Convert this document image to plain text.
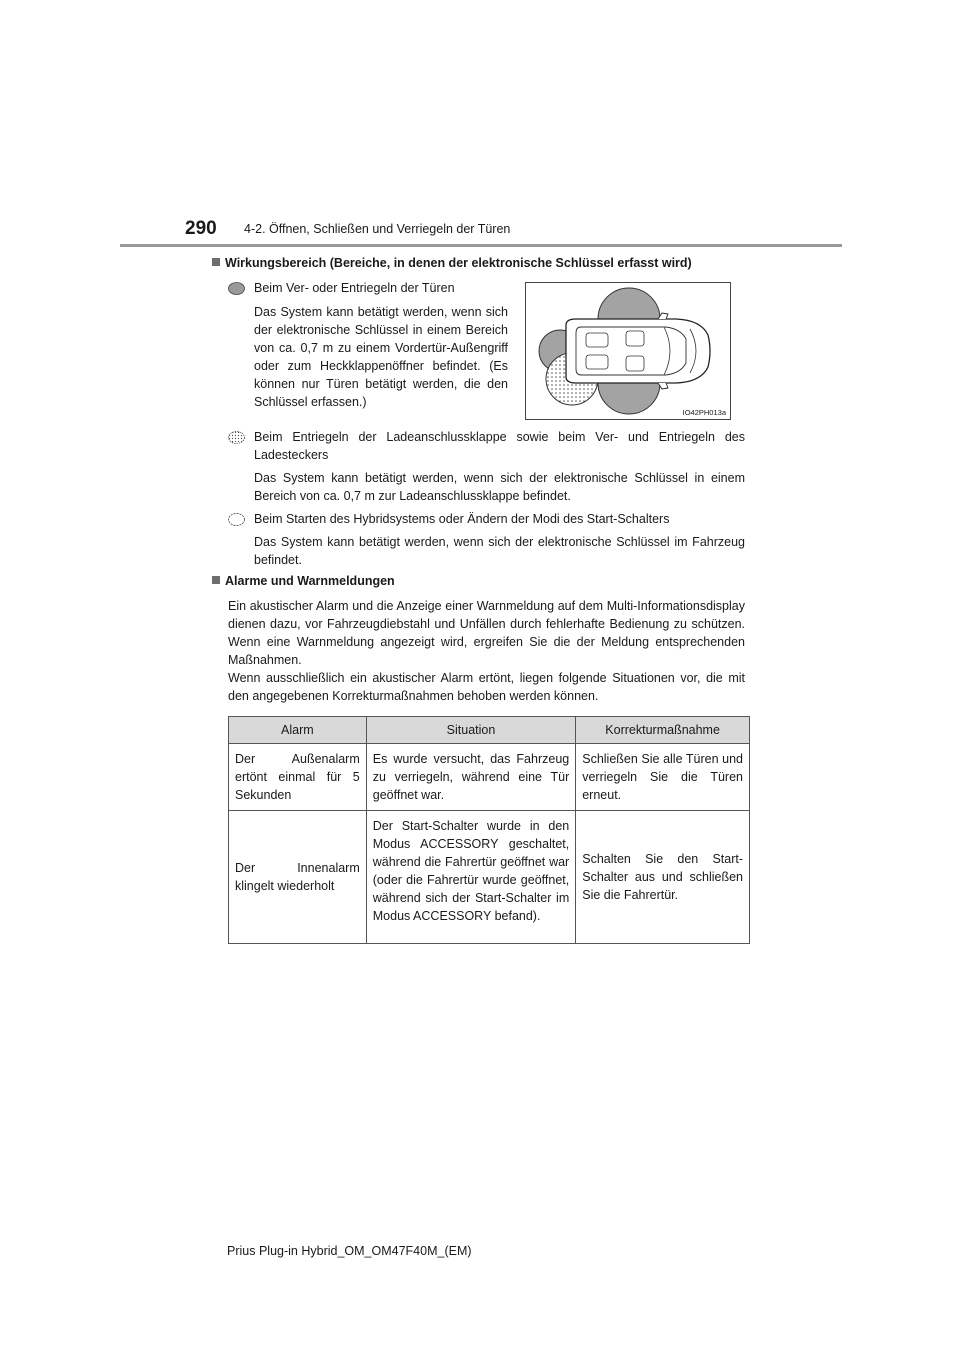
290 4-2. Öffnen, Schließen und Verriegeln der Türen
Wirkungsbereich (Bereiche, in denen der elektronische Schlüssel erfasst wird)
Beim Ver- oder Entriegeln der Türen
Das System kann betätigt werden, wenn sich der elektronische Schlüssel in einem Bereich von ca. 0,7 m zu einem Vordertür-Außengriff oder zum Heckklappenöffner befindet. (Es können nur Türen betätigt werden, die den Schlüssel erfassen.)
IO42PH013a
Beim Entriegeln der Ladeanschlussklappe sowie beim Ver- und Entriegeln des Ladesteckers
Das System kann betätigt werden, wenn sich der elektronische Schlüssel in einem Bereich von ca. 0,7 m zur Ladeanschlussklappe befindet.
Beim Starten des Hybridsystems oder Ändern der Modi des Start-Schalters
Das System kann betätigt werden, wenn sich der elektronische Schlüssel im Fahrzeug befindet.
Alarme und Warnmeldungen
Ein akustischer Alarm und die Anzeige einer Warnmeldung auf dem Multi-Informationsdisplay dienen dazu, vor Fahrzeugdiebstahl und Unfällen durch fehlerhafte Bedienung zu schützen. Wenn eine Warnmeldung angezeigt wird, ergreifen Sie die der Meldung entsprechenden Maßnahmen.
Wenn ausschließlich ein akustischer Alarm ertönt, liegen folgende Situationen vor, die mit den angegebenen Korrekturmaßnahmen behoben werden können.
Alarm	Situation	Korrekturmaßnahme
Der Außenalarm ertönt einmal für 5 Sekunden	Es wurde versucht, das Fahrzeug zu verriegeln, während eine Tür geöffnet war.	Schließen Sie alle Türen und verriegeln Sie die Türen erneut.
Der Innenalarm klingelt wiederholt	Der Start-Schalter wurde in den Modus ACCESSORY geschaltet, während die Fahrertür geöffnet war (oder die Fahrertür wurde geöffnet, während sich der Start-Schalter im Modus ACCESSORY befand).	Schalten Sie den Start-Schalter aus und schließen Sie die Fahrertür.
Prius Plug-in Hybrid_OM_OM47F40M_(EM)
